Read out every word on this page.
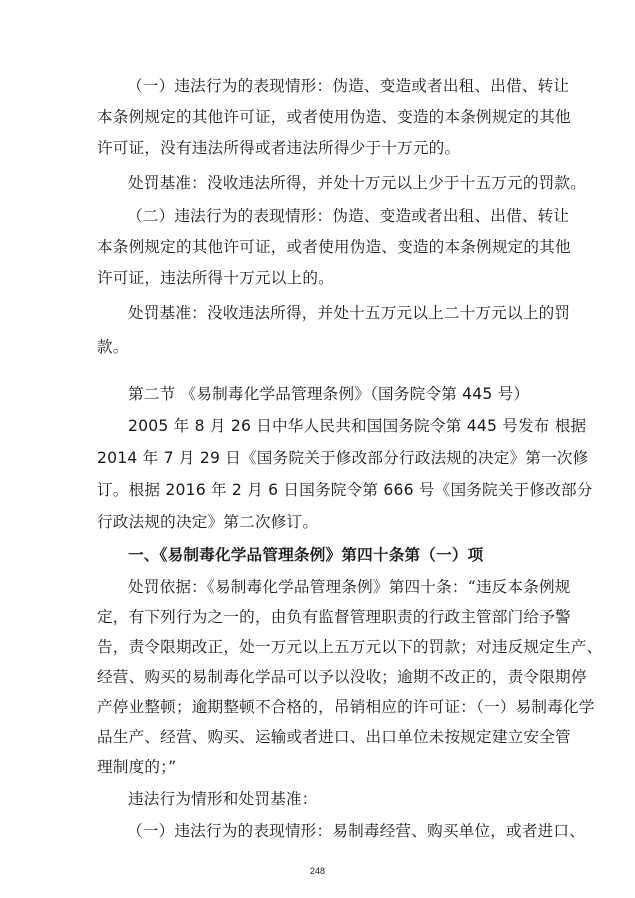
（一）违法行为的表现情形：伪造、变造或者出租、出借、转让
本条例规定的其他许可证，或者使用伪造、变造的本条例规定的其他
许可证，没有违法所得或者违法所得少于十万元的。
处罚基准：没收违法所得，并处十万元以上少于十五万元的罚款。
（二）违法行为的表现情形：伪造、变造或者出租、出借、转让
本条例规定的其他许可证，或者使用伪造、变造的本条例规定的其他
许可证，违法所得十万元以上的。
处罚基准：没收违法所得，并处十五万元以上二十万元以上的罚
款。
第二节 《易制毒化学品管理条例》（国务院令第 445 号）
2005 年 8 月 26 日中华人民共和国国务院令第 445 号发布 根据
2014 年 7 月 29 日《国务院关于修改部分行政法规的决定》第一次修
订。根据 2016 年 2 月 6 日国务院令第 666 号《国务院关于修改部分
行政法规的决定》第二次修订。
一、《易制毒化学品管理条例》第四十条第（一）项
处罚依据：《易制毒化学品管理条例》第四十条：“违反本条例规
定，有下列行为之一的，由负有监督管理职责的行政主管部门给予警
告，责令限期改正，处一万元以上五万元以下的罚款；对违反规定生产、
经营、购买的易制毒化学品可以予以没收；逾期不改正的，责令限期停
产停业整顿；逾期整顿不合格的，吊销相应的许可证：（一）易制毒化学
品生产、经营、购买、运输或者进口、出口单位未按规定建立安全管
理制度的；”
违法行为情形和处罚基准：
（一）违法行为的表现情形：易制毒经营、购买单位，或者进口、
248
